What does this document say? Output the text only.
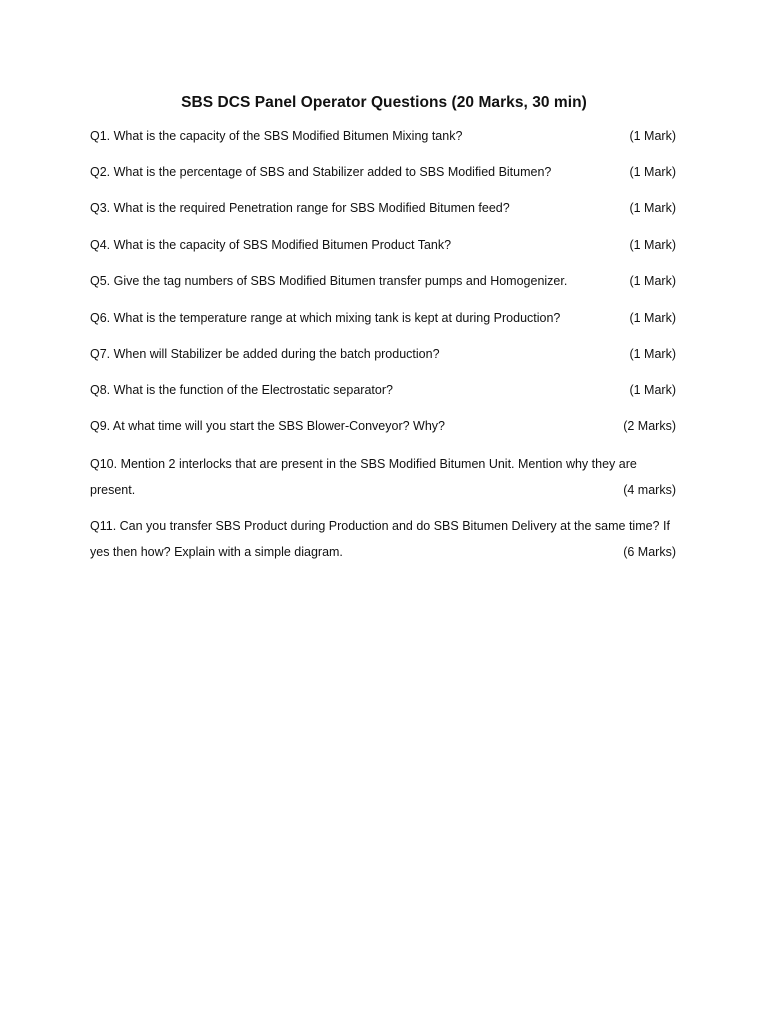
SBS DCS Panel Operator Questions (20 Marks, 30 min)
Q1. What is the capacity of the SBS Modified Bitumen Mixing tank?	(1 Mark)
Q2. What is the percentage of SBS and Stabilizer added to SBS Modified Bitumen?	(1 Mark)
Q3. What is the required Penetration range for SBS Modified Bitumen feed?	(1 Mark)
Q4. What is the capacity of SBS Modified Bitumen Product Tank?	(1 Mark)
Q5. Give the tag numbers of SBS Modified Bitumen transfer pumps and Homogenizer.	(1 Mark)
Q6. What is the temperature range at which mixing tank is kept at during Production?	(1 Mark)
Q7. When will Stabilizer be added during the batch production?	(1 Mark)
Q8. What is the function of the Electrostatic separator?	(1 Mark)
Q9. At what time will you start the SBS Blower-Conveyor? Why?	(2 Marks)
Q10. Mention 2 interlocks that are present in the SBS Modified Bitumen Unit. Mention why they are
present.	(4 marks)
Q11. Can you transfer SBS Product during Production and do SBS Bitumen Delivery at the same time? If
yes then how? Explain with a simple diagram.	(6 Marks)
